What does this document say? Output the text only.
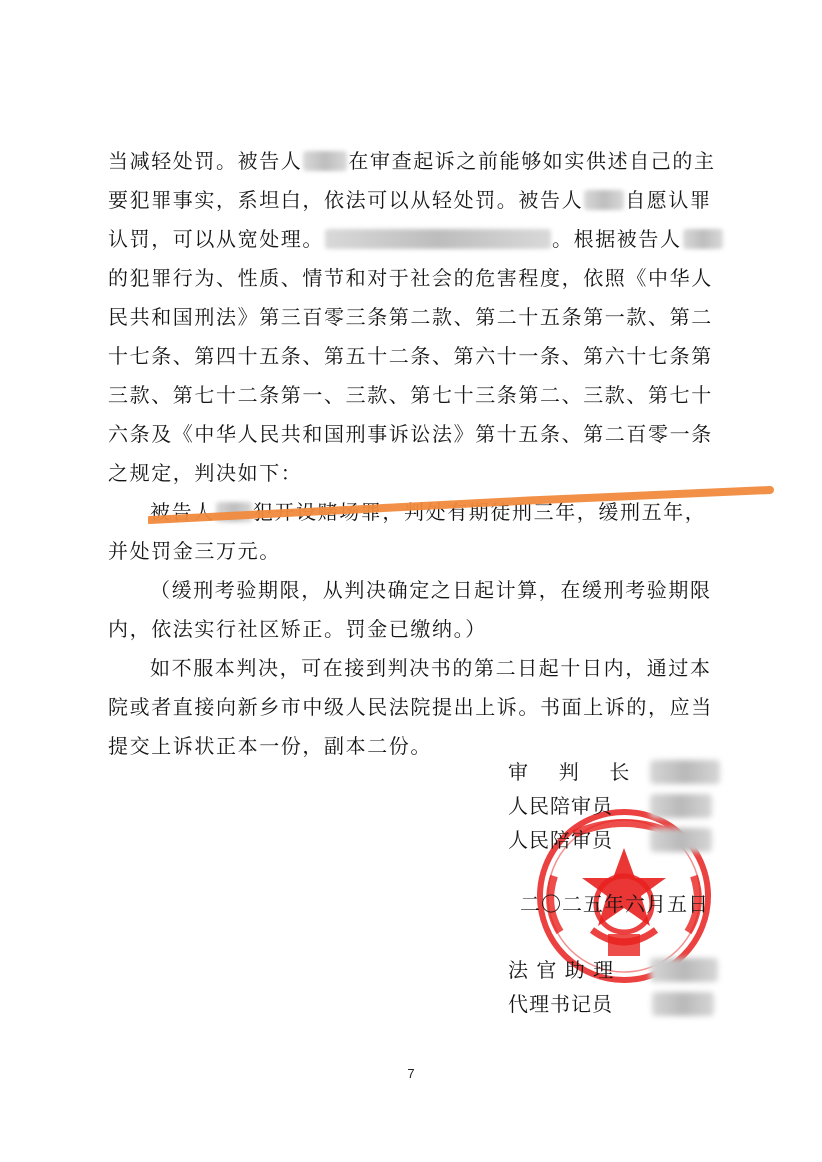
当减轻处罚。被告人 在审查起诉之前能够如实供述自己的主
要犯罪事实，系坦白，依法可以从轻处罚。被告人 自愿认罪
认罚，可以从宽处理。	。根据被告人
的犯罪行为、性质、情节和对于社会的危害程度，依照《中华人
民共和国刑法》第三百零三条第二款、第二十五条第一款、第二
十七条、第四十五条、第五十二条、第六十一条、第六十七条第
三款、第七十二条第一、三款、第七十三条第二、三款、第七十
六条及《中华人民共和国刑事诉讼法》第十五条、第二百零一条
之规定，判决如下：
被告人 犯开设赌场罪，判处有期徒刑三年，缓刑五年，
并处罚金三万元。
（缓刑考验期限，从判决确定之日起计算，在缓刑考验期限
内，依法实行社区矫正。罚金已缴纳。）
如不服本判决，可在接到判决书的第二日起十日内，通过本
院或者直接向新乡市中级人民法院提出上诉。书面上诉的，应当
提交上诉状正本一份，副本二份。
审  判  长
人民陪审员
人民陪审员
二〇二五年六月五日
法 官 助 理
代理书记员
7
